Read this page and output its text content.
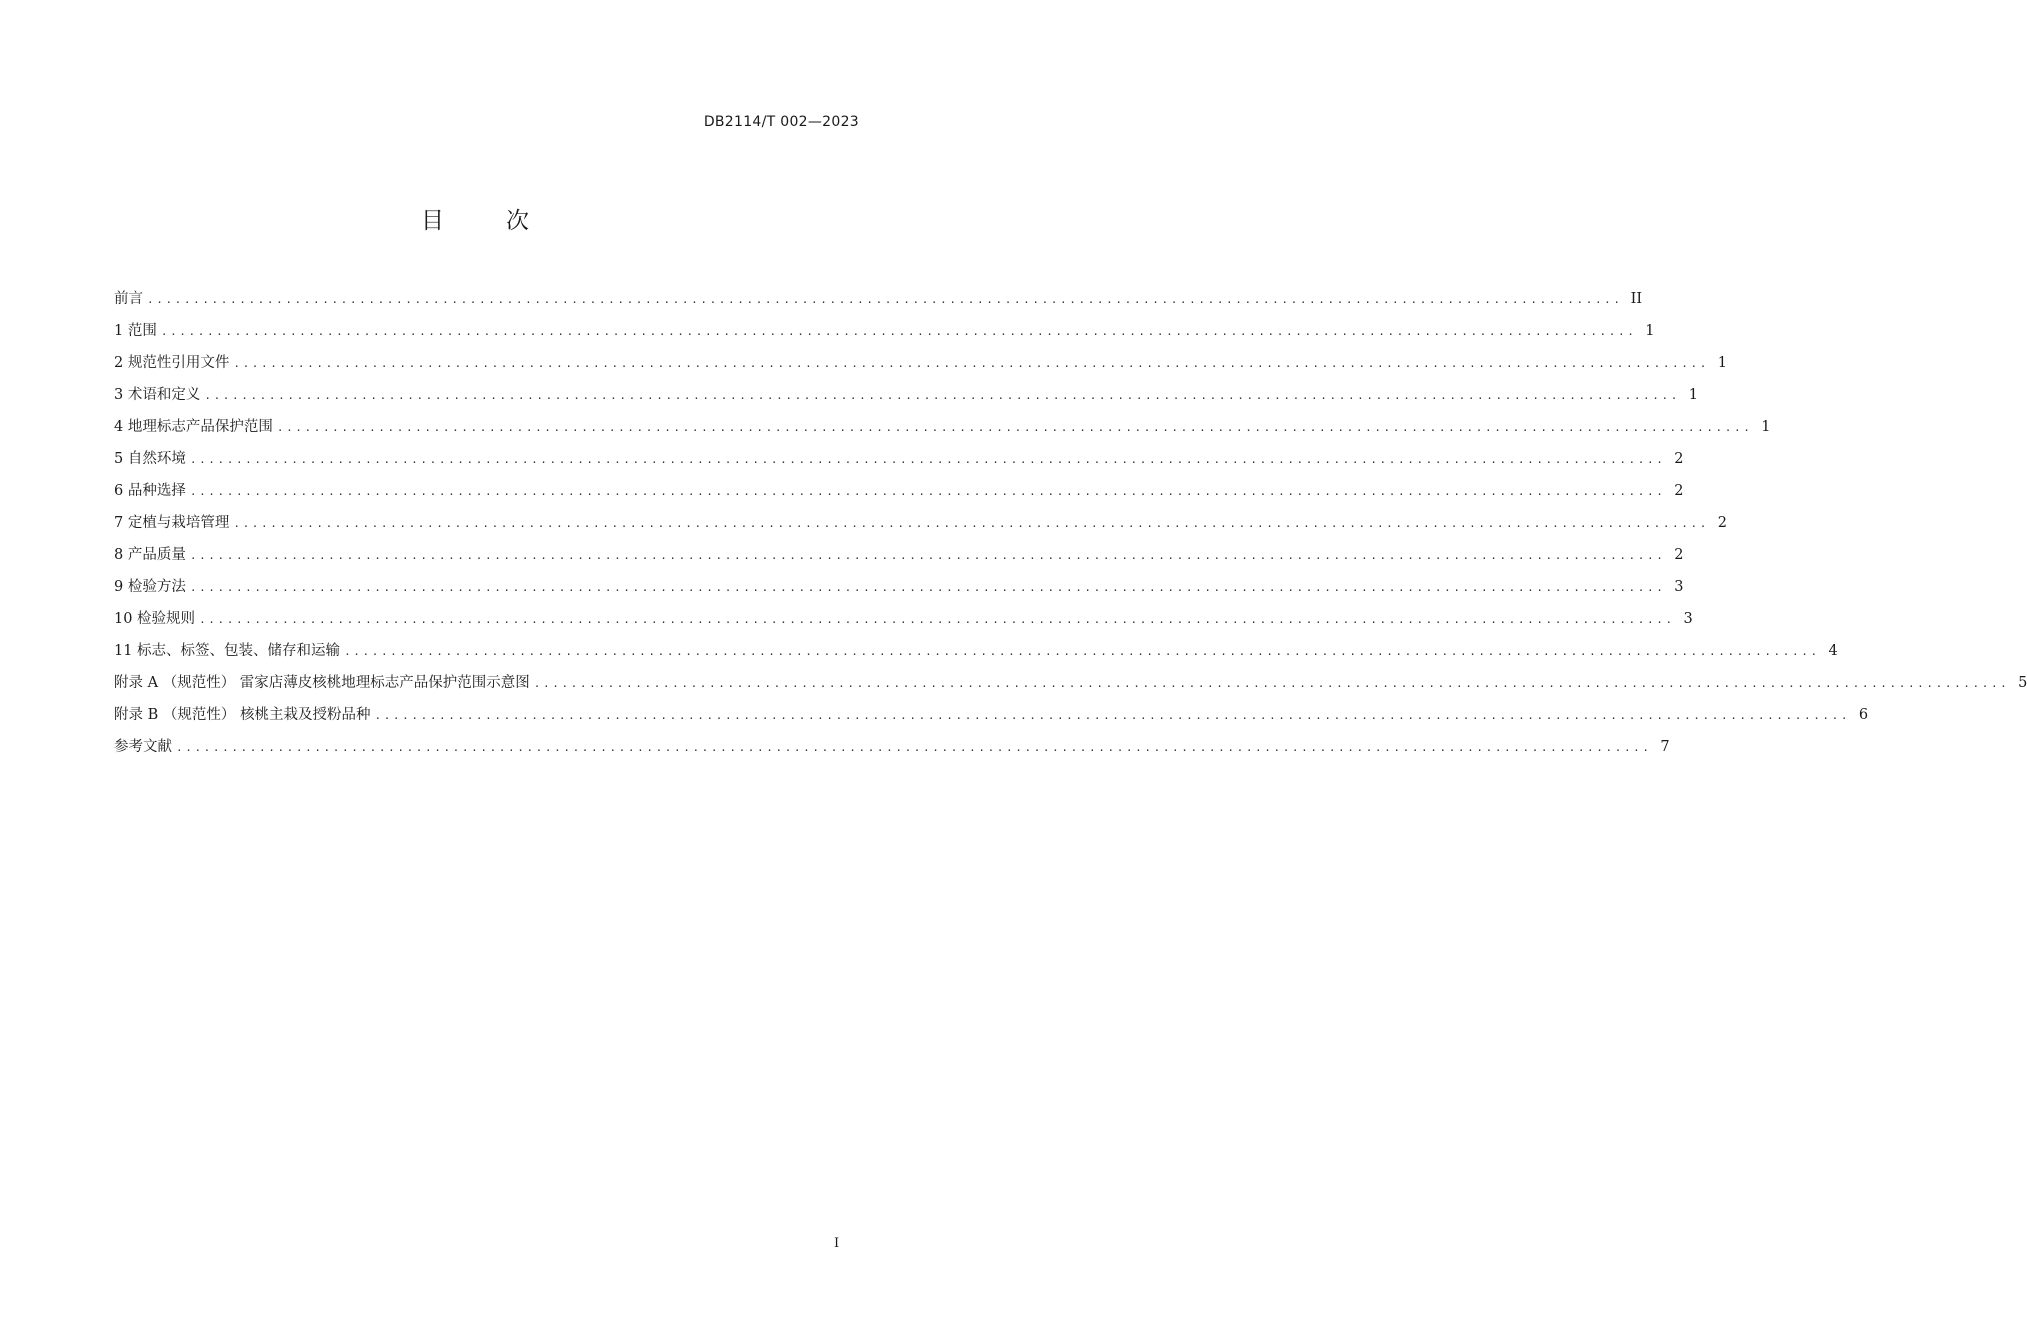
DB2114/T 002—2023
目次
前言 ................................................................................................................................................................ II
1 范围 ................................................................................................................................................................ 1
2 规范性引用文件 ................................................................................................................................................................ 1
3 术语和定义 ................................................................................................................................................................ 1
4 地理标志产品保护范围 ................................................................................................................................................................ 1
5 自然环境 ................................................................................................................................................................ 2
6 品种选择 ................................................................................................................................................................ 2
7 定植与栽培管理 ................................................................................................................................................................ 2
8 产品质量 ................................................................................................................................................................ 2
9 检验方法 ................................................................................................................................................................ 3
10 检验规则 ................................................................................................................................................................ 3
11 标志、标签、包装、储存和运输 ................................................................................................................................................................ 4
附录 A （规范性） 雷家店薄皮核桃地理标志产品保护范围示意图 ................................................................................................................................................................ 5
附录 B （规范性） 核桃主栽及授粉品种 ................................................................................................................................................................ 6
参考文献 ................................................................................................................................................................ 7
I
